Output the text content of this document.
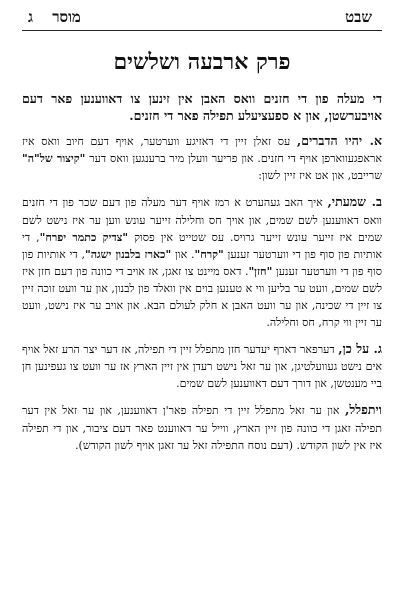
שבט
מוסר ג
פרק ארבעה ושלשים

די מעלה פון די חזנים וואס האבן אין זינען צו דאווענען פאר דעם אויבערשטן, און א ספעציעלע תפילה פאר די חזנים.

א. יהיו הדברים, עס זאלן זיין די דאזיגע ווערטער, אויף דעם חיוב וואס איז אראפגעווארפן אויף די חזנים. און פריער וועלן מיר ברענגען וואס דער "קיצור של"ה" שרייבט, און אט איז זיין לשון:

ב. שמעתי, איך האב געהערט א רמז אויף דער מעלה פון דעם שכר פון די חזנים וואס דאווענען לשם שמים, און אויך חס וחלילה זייער עונש ווען ער איז נישט לשם שמים איז זייער עונש זייער גרויס. עס שטייט אין פסוק "צדיק כתמר יפרח", די אותיות פון סוף פון די ווערטער זענען "קרח". און "כארז בלבנון ישגה", די אותיות פון סוף פון די ווערטער זענען "חזן". דאס מיינט צו זאגן, אז אויב די כוונה פון דעם חזן איז לשם שמים, וועט ער בליען ווי א טענען בוים אין וואלד פון לבנון, און ער וועט זוכה זיין צו זיין די שכינה, און ער וועט האבן א חלק לעולם הבא. און אויב ער איז נישט, וועט ער זיין ווי קרח, חס וחלילה.

ג. על כן, דערפאר דארף יעדער חזן מתפלל זיין די תפילה, אז דער יצר הרע זאל אויף אים נישט געוועלטיגן, און ער זאל נישט רעדן אין זיין הארץ אז ער וועט צו געפינען חן ביי מענטשן, און דורך דעם דאווענען לשם שמים.

ויתפלל, און ער זאל מתפלל זיין די תפילה פאר'ן דאווענען, און ער זאל אין דער תפילה זאגן די כוונה פון זיין הארץ, ווייל ער דאווענט פאר דעם ציבור, און די תפילה איז אין לשון הקודש. (דעם נוסח התפילה זאל ער זאגן אויף לשון הקודש).
